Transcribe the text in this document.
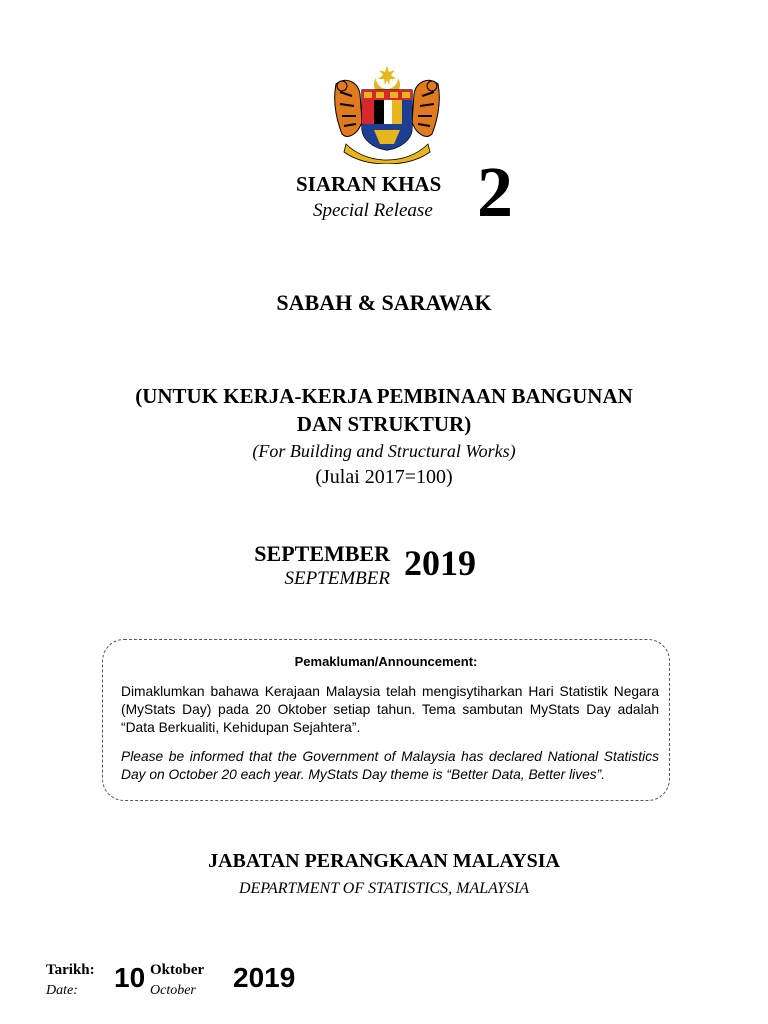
SIARAN KHAS
Special Release 2
SABAH & SARAWAK
(UNTUK KERJA-KERJA PEMBINAAN BANGUNAN
DAN STRUKTUR)
(For Building and Structural Works)
(Julai 2017=100)
SEPTEMBER
SEPTEMBER 2019
Pemakluman/Announcement:
Dimaklumkan bahawa Kerajaan Malaysia telah mengisytiharkan Hari Statistik Negara (MyStats Day) pada 20 Oktober setiap tahun. Tema sambutan MyStats Day adalah “Data Berkualiti, Kehidupan Sejahtera”.
Please be informed that the Government of Malaysia has declared National Statistics Day on October 20 each year. MyStats Day theme is “Better Data, Better lives”.
JABATAN PERANGKAAN MALAYSIA
DEPARTMENT OF STATISTICS, MALAYSIA
Tarikh:
Date: 10 Oktober
October 2019
